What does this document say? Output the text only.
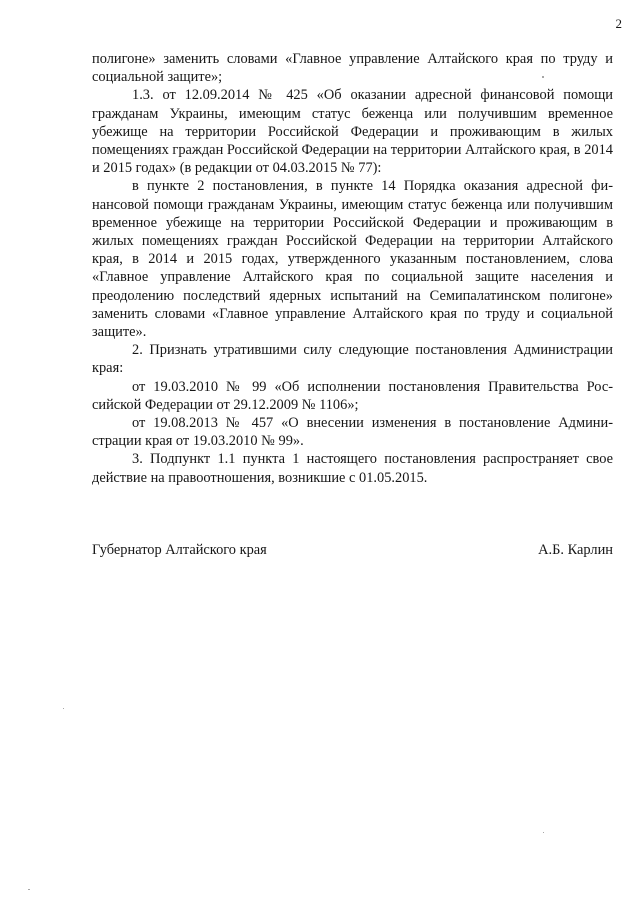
2

полигоне» заменить словами «Главное управление Алтайского края по труду и социальной защите»;

1.3. от 12.09.2014 № 425 «Об оказании адресной финансовой помощи гражданам Украины, имеющим статус беженца или получившим временное убежище на территории Российской Федерации и проживающим в жилых помещениях граждан Российской Федерации на территории Алтайского края, в 2014 и 2015 годах» (в редакции от 04.03.2015 № 77):

в пункте 2 постановления, в пункте 14 Порядка оказания адресной финансовой помощи гражданам Украины, имеющим статус беженца или получившим временное убежище на территории Российской Федерации и проживающим в жилых помещениях граждан Российской Федерации на территории Алтайского края, в 2014 и 2015 годах, утвержденного указанным постановлением, слова «Главное управление Алтайского края по социальной защите населения и преодолению последствий ядерных испытаний на Семипалатинском полигоне» заменить словами «Главное управление Алтайского края по труду и социальной защите».

2. Признать утратившими силу следующие постановления Администрации края:

от 19.03.2010 № 99 «Об исполнении постановления Правительства Российской Федерации от 29.12.2009 № 1106»;

от 19.08.2013 № 457 «О внесении изменения в постановление Администрации края от 19.03.2010 № 99».

3. Подпункт 1.1 пункта 1 настоящего постановления распространяет свое действие на правоотношения, возникшие с 01.05.2015.

Губернатор Алтайского края	А.Б. Карлин
